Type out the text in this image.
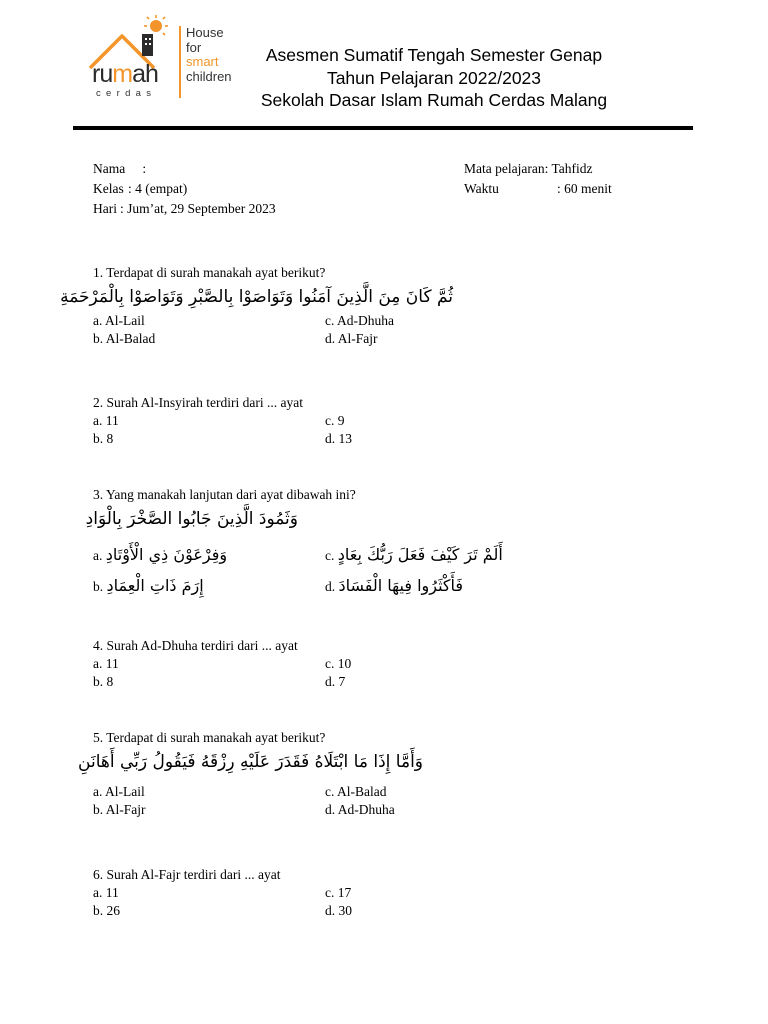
rumah
cerdas
House
for
smart
children
Asesmen Sumatif Tengah Semester Genap
Tahun Pelajaran 2022/2023
Sekolah Dasar Islam Rumah Cerdas Malang
Nama :
Kelas : 4 (empat)
Hari : Jum’at, 29 September 2023
Mata pelajaran: Tahfidz
Waktu	: 60 menit
1. Terdapat di surah manakah ayat berikut?
ثُمَّ كَانَ مِنَ الَّذِينَ آمَنُوا وَتَوَاصَوْا بِالصَّبْرِ وَتَوَاصَوْا بِالْمَرْحَمَةِ
a. Al-Lail	c. Ad-Dhuha
b. Al-Balad	d. Al-Fajr
2. Surah Al-Insyirah terdiri dari ... ayat
a. 11	c. 9
b. 8	d. 13
3. Yang manakah lanjutan dari ayat dibawah ini?
وَثَمُودَ الَّذِينَ جَابُوا الصَّخْرَ بِالْوَادِ
a. وَفِرْعَوْنَ ذِي الْأَوْتَادِ	c. أَلَمْ تَرَ كَيْفَ فَعَلَ رَبُّكَ بِعَادٍ
b. إِرَمَ ذَاتِ الْعِمَادِ	d. فَأَكْثَرُوا فِيهَا الْفَسَادَ
4. Surah Ad-Dhuha terdiri dari ... ayat
a. 11	c. 10
b. 8	d. 7
5. Terdapat di surah manakah ayat berikut?
وَأَمَّا إِذَا مَا ابْتَلَاهُ فَقَدَرَ عَلَيْهِ رِزْقَهُ فَيَقُولُ رَبِّي أَهَانَنِ
a. Al-Lail	c. Al-Balad
b. Al-Fajr	d. Ad-Dhuha
6. Surah Al-Fajr terdiri dari ... ayat
a. 11	c. 17
b. 26	d. 30
